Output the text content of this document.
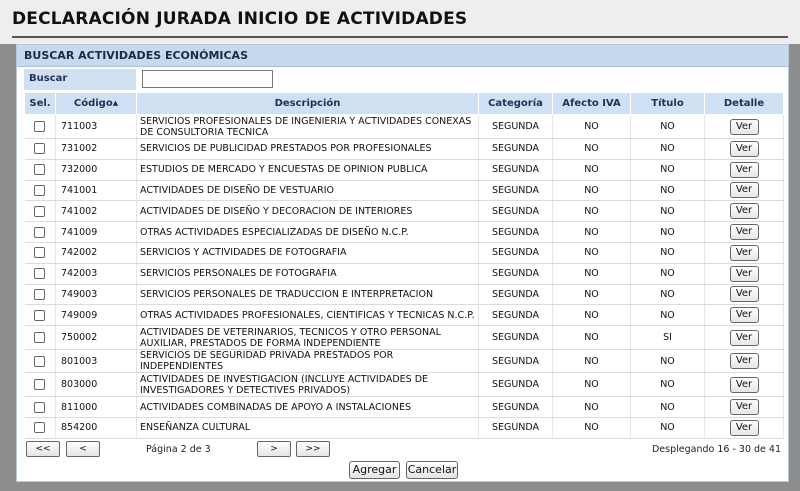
DECLARACIÓN JURADA INICIO DE ACTIVIDADES
BUSCAR ACTIVIDADES ECONÓMICAS
Buscar
Sel.	Código▲	Descripción	Categoría	Afecto IVA	Título	Detalle
	711003	SERVICIOS PROFESIONALES DE INGENIERIA Y ACTIVIDADES CONEXAS DE CONSULTORIA TECNICA	SEGUNDA	NO	NO	Ver
	731002	SERVICIOS DE PUBLICIDAD PRESTADOS POR PROFESIONALES	SEGUNDA	NO	NO	Ver
	732000	ESTUDIOS DE MERCADO Y ENCUESTAS DE OPINION PUBLICA	SEGUNDA	NO	NO	Ver
	741001	ACTIVIDADES DE DISEÑO DE VESTUARIO	SEGUNDA	NO	NO	Ver
	741002	ACTIVIDADES DE DISEÑO Y DECORACION DE INTERIORES	SEGUNDA	NO	NO	Ver
	741009	OTRAS ACTIVIDADES ESPECIALIZADAS DE DISEÑO N.C.P.	SEGUNDA	NO	NO	Ver
	742002	SERVICIOS Y ACTIVIDADES DE FOTOGRAFIA	SEGUNDA	NO	NO	Ver
	742003	SERVICIOS PERSONALES DE FOTOGRAFIA	SEGUNDA	NO	NO	Ver
	749003	SERVICIOS PERSONALES DE TRADUCCION E INTERPRETACION	SEGUNDA	NO	NO	Ver
	749009	OTRAS ACTIVIDADES PROFESIONALES, CIENTIFICAS Y TECNICAS N.C.P.	SEGUNDA	NO	NO	Ver
	750002	ACTIVIDADES DE VETERINARIOS, TECNICOS Y OTRO PERSONAL AUXILIAR, PRESTADOS DE FORMA INDEPENDIENTE	SEGUNDA	NO	SI	Ver
	801003	SERVICIOS DE SEGURIDAD PRIVADA PRESTADOS POR INDEPENDIENTES	SEGUNDA	NO	NO	Ver
	803000	ACTIVIDADES DE INVESTIGACION (INCLUYE ACTIVIDADES DE INVESTIGADORES Y DETECTIVES PRIVADOS)	SEGUNDA	NO	NO	Ver
	811000	ACTIVIDADES COMBINADAS DE APOYO A INSTALACIONES	SEGUNDA	NO	NO	Ver
	854200	ENSEÑANZA CULTURAL	SEGUNDA	NO	NO	Ver
<<	<	Página 2 de 3	>	>>	Desplegando 16 - 30 de 41
Agregar	Cancelar
